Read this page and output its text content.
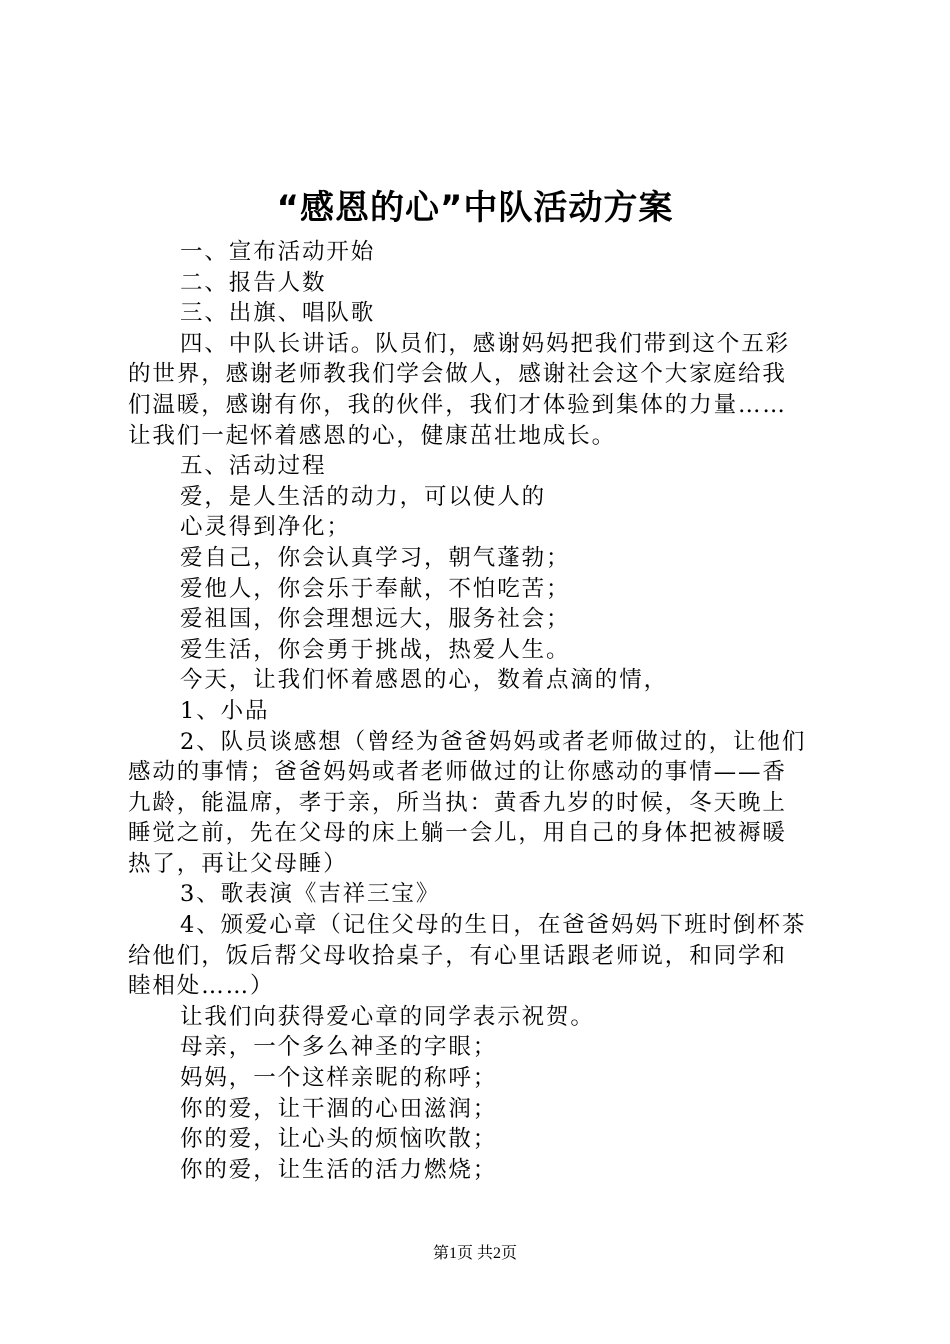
“感恩的心”中队活动方案

一、宣布活动开始

二、报告人数

三、出旗、唱队歌

四、中队长讲话。队员们，感谢妈妈把我们带到这个五彩

的世界，感谢老师教我们学会做人，感谢社会这个大家庭给我

们温暖，感谢有你，我的伙伴，我们才体验到集体的力量……

让我们一起怀着感恩的心，健康茁壮地成长。

五、活动过程

爱，是人生活的动力，可以使人的

心灵得到净化；

爱自己，你会认真学习，朝气蓬勃；

爱他人，你会乐于奉献，不怕吃苦；

爱祖国，你会理想远大，服务社会；

爱生活，你会勇于挑战，热爱人生。

今天，让我们怀着感恩的心，数着点滴的情，

1、小品

2、队员谈感想（曾经为爸爸妈妈或者老师做过的，让他们

感动的事情；爸爸妈妈或者老师做过的让你感动的事情——香

九龄，能温席，孝于亲，所当执：黄香九岁的时候，冬天晚上

睡觉之前，先在父母的床上躺一会儿，用自己的身体把被褥暖

热了，再让父母睡）

3、歌表演《吉祥三宝》

4、颁爱心章（记住父母的生日，在爸爸妈妈下班时倒杯茶

给他们，饭后帮父母收拾桌子，有心里话跟老师说，和同学和

睦相处……）

让我们向获得爱心章的同学表示祝贺。

母亲，一个多么神圣的字眼；

妈妈，一个这样亲昵的称呼；

你的爱，让干涸的心田滋润；

你的爱，让心头的烦恼吹散；

你的爱，让生活的活力燃烧；

第1页 共2页
